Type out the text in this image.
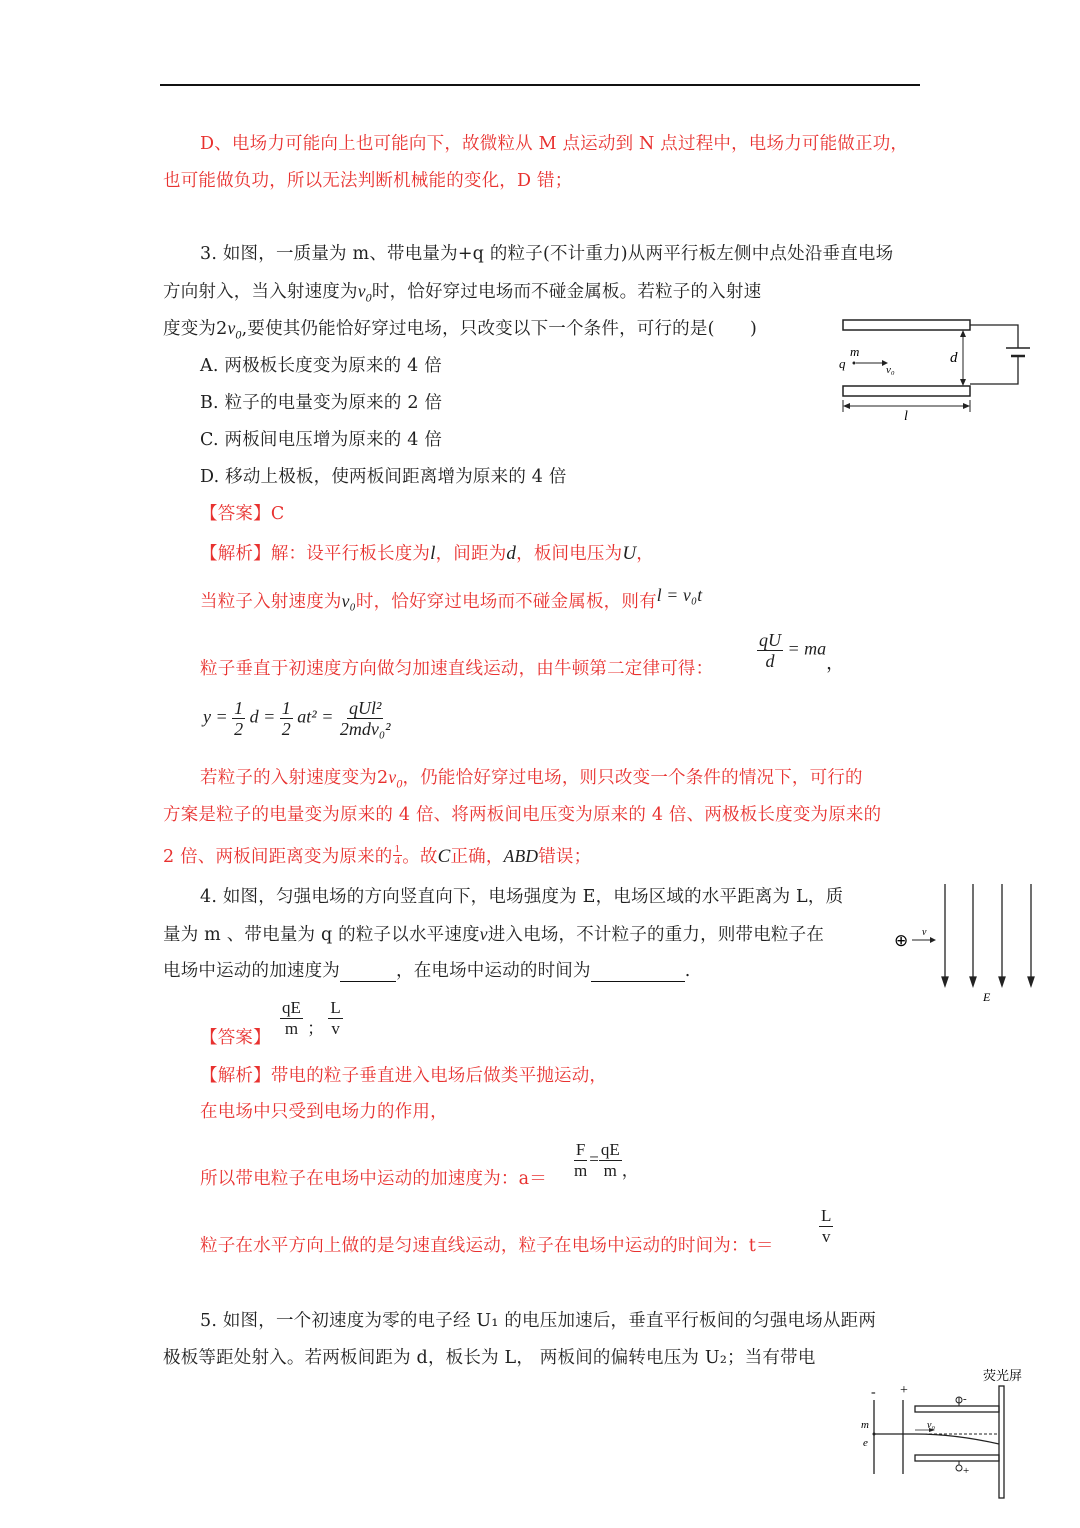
D、电场力可能向上也可能向下，故微粒从 M 点运动到 N 点过程中，电场力可能做正功，
也可能做负功，所以无法判断机械能的变化，D 错；
3. 如图，一质量为 m、带电量为+q 的粒子(不计重力)从两平行板左侧中点处沿垂直电场
方向射入，当入射速度为$v_0$时，恰好穿过电场而不碰金属板。若粒子的入射速
度变为$2v_0$,要使其仍能恰好穿过电场，只改变以下一个条件，可行的是(　　)
A. 两极板长度变为原来的 4 倍
B. 粒子的电量变为原来的 2 倍
C. 两板间电压增为原来的 4 倍
D. 移动上极板，使两板间距离增为原来的 4 倍
d
m
q	v₀
l
【答案】C
【解析】解：设平行板长度为l，间距为d，板间电压为U，
当粒子入射速度为v₀时，恰好穿过电场而不碰金属板，则有l = v₀t
粒子垂直于初速度方向做匀加速直线运动，由牛顿第二定律可得： $\frac{qU}{d}$ = ma，
$y = \frac{1}{2}$ $d = \frac{1}{2} at^2 = \frac{\text{qUl²}}{\text{2mdv₀²}}$
若粒子的入射速度变为$2v_0$，仍能恰好穿过电场，则只改变一个条件的情况下，可行的
方案是粒子的电量变为原来的 4 倍、将两板间电压变为原来的 4 倍、两极板长度变为原来的
2 倍、两板间距离变为原来的 $\frac{1}{4}$ 。故C正确，ABD错误；
4. 如图，匀强电场的方向竖直向下，电场强度为 E，电场区域的水平距离为 L，质
量为 m 、带电量为 q 的粒子以水平速度v进入电场，不计粒子的重力，则带电粒子在
电场中运动的加速度为	，在电场中运动的时间为	.
⊕ v
E
【答案】 $\frac{qE}{m}$ ； $\frac{L}{v}$
【解析】带电的粒子垂直进入电场后做类平抛运动，
在电场中只受到电场力的作用，
所以带电粒子在电场中运动的加速度为：$a= \frac{F}{m} = \frac{qE}{m}$ ，
粒子在水平方向上做的是匀速直线运动，粒子在电场中运动的时间为：t＝	$\frac{L}{v}$
5. 如图，一个初速度为零的电子经 U₁ 的电压加速后，垂直平行板间的匀强电场从距两
极板等距处射入。若两板间距为 d，板长为 L， 两板间的偏转电压为 U₂；当有带电
荧光屏
- +
-
+
v₀
m
e
